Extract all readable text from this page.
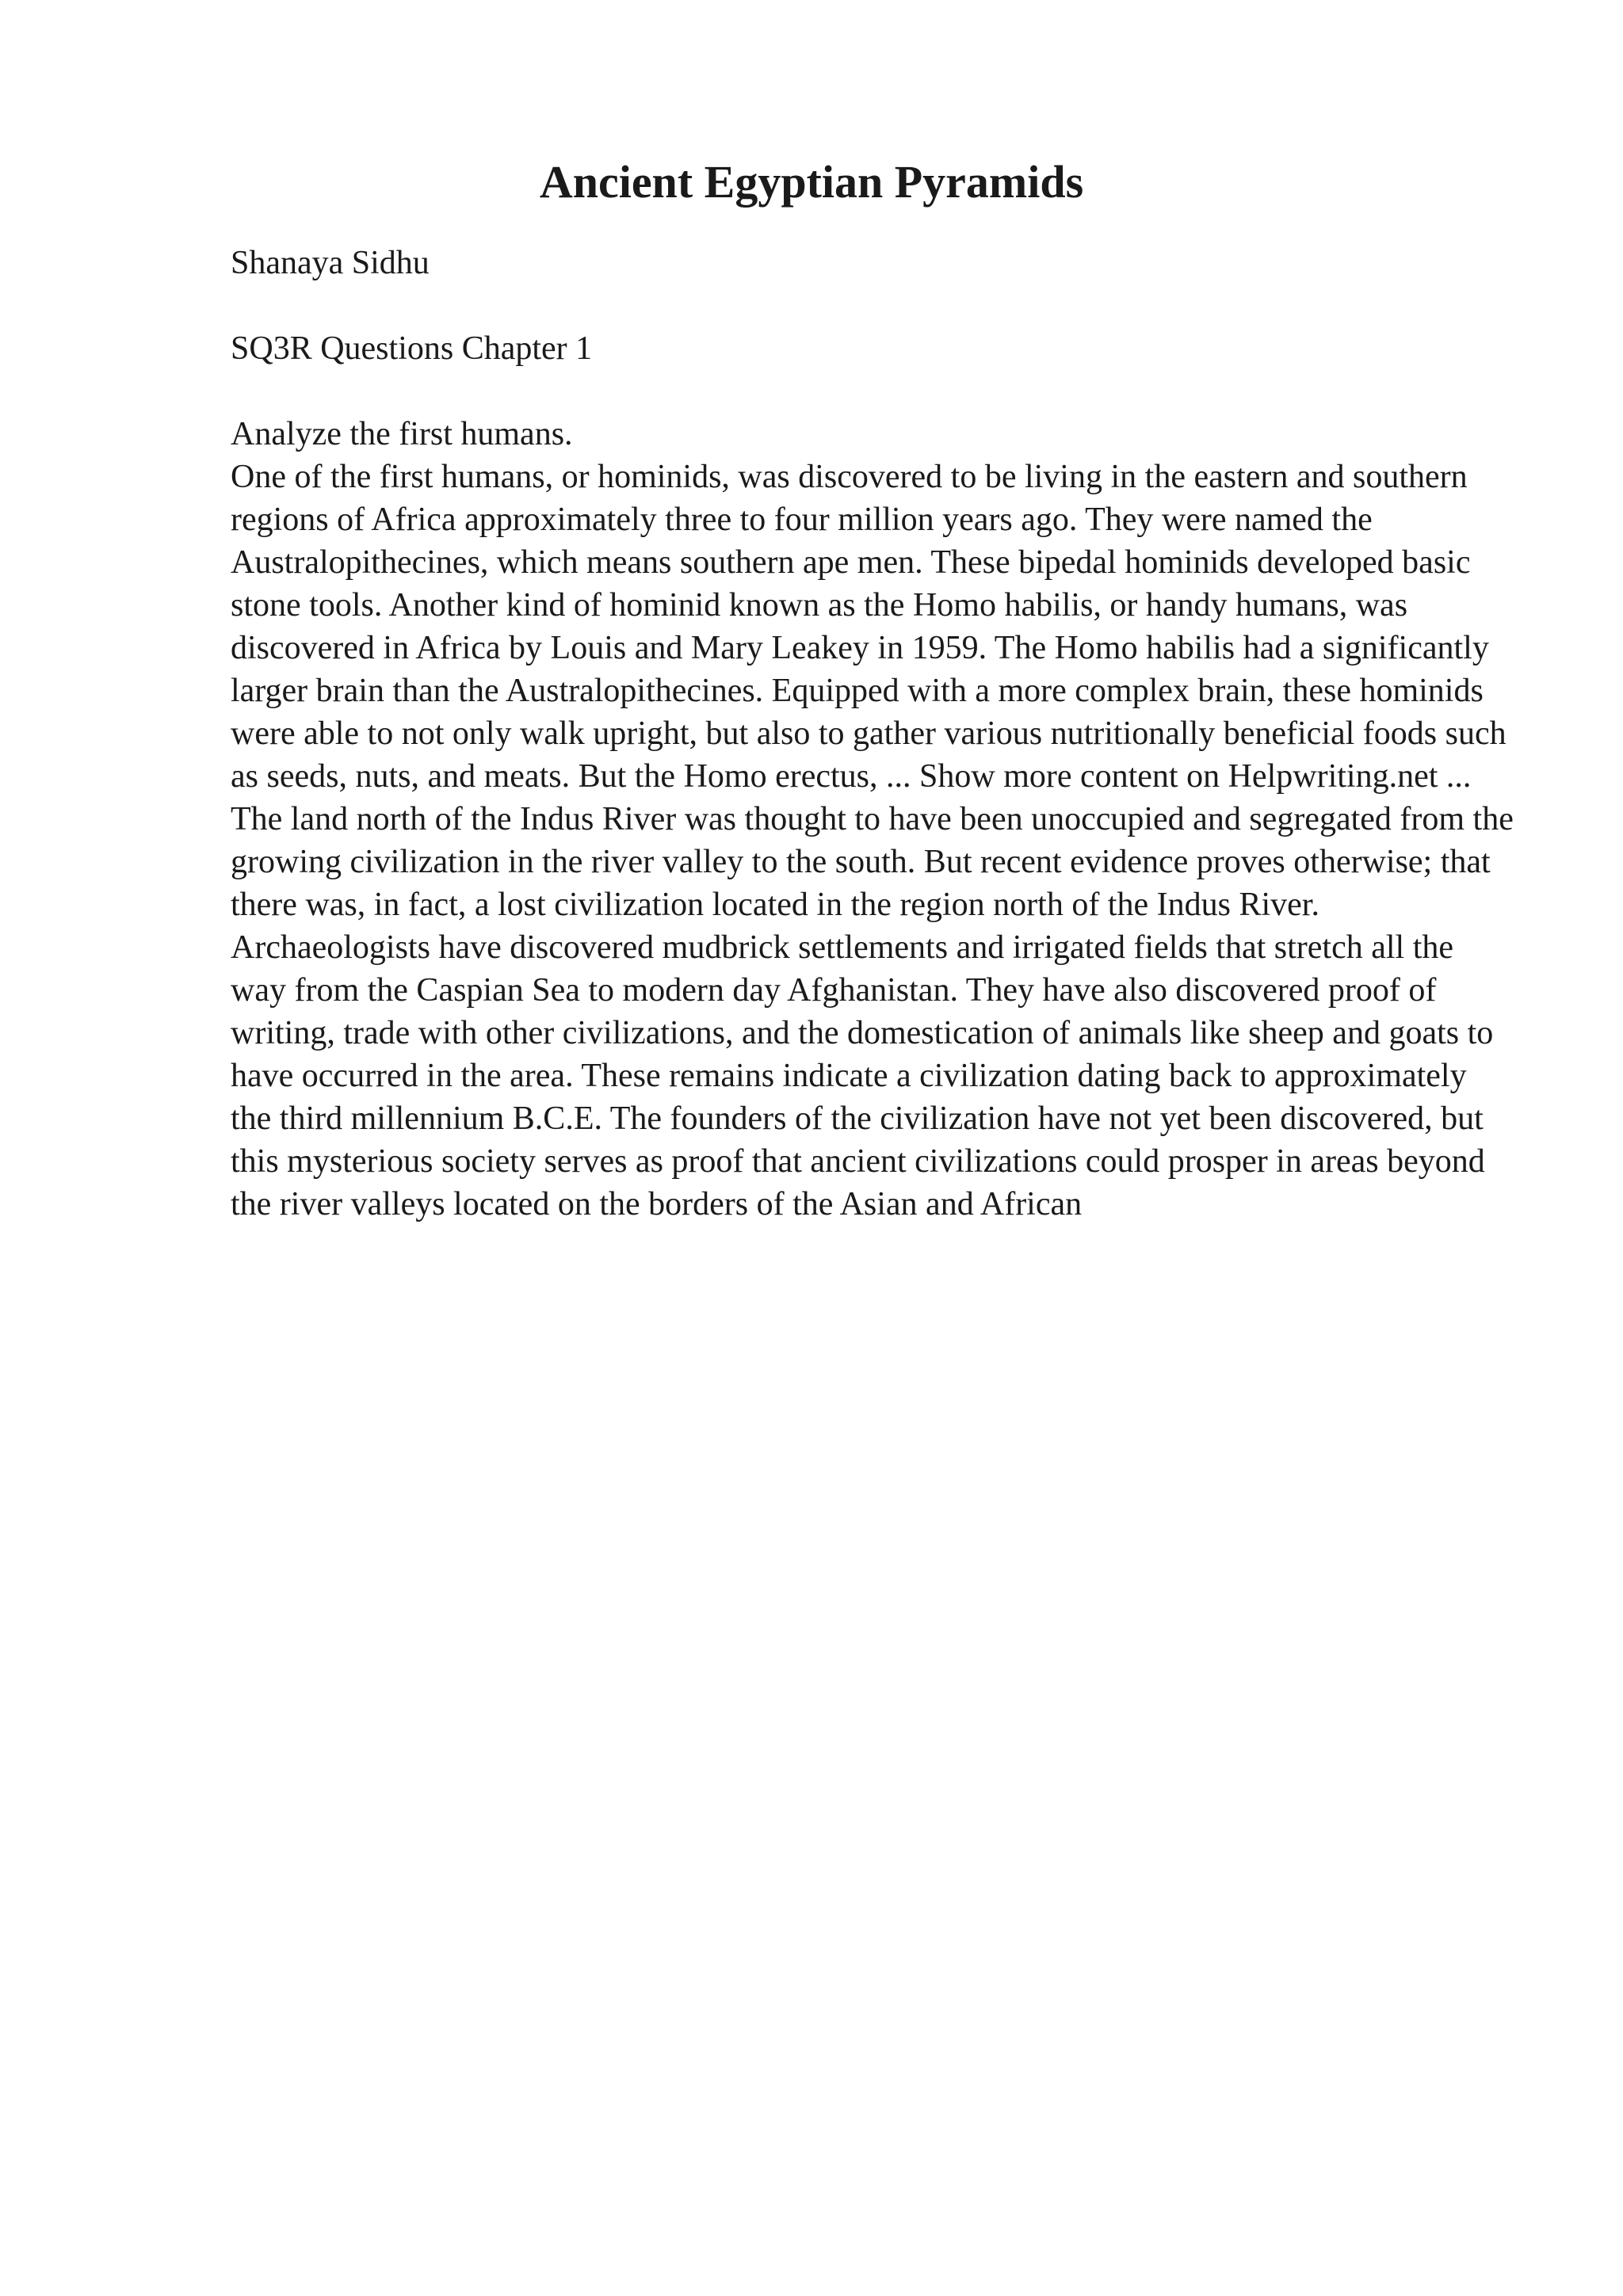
Ancient Egyptian Pyramids

Shanaya Sidhu

SQ3R Questions Chapter 1

Analyze the first humans.

One of the first humans, or hominids, was discovered to be living in the eastern and southern regions of Africa approximately three to four million years ago. They were named the Australopithecines, which means southern ape men. These bipedal hominids developed basic stone tools. Another kind of hominid known as the Homo habilis, or handy humans, was discovered in Africa by Louis and Mary Leakey in 1959. The Homo habilis had a significantly larger brain than the Australopithecines. Equipped with a more complex brain, these hominids were able to not only walk upright, but also to gather various nutritionally beneficial foods such as seeds, nuts, and meats. But the Homo erectus, ... Show more content on Helpwriting.net ...

The land north of the Indus River was thought to have been unoccupied and segregated from the growing civilization in the river valley to the south. But recent evidence proves otherwise; that there was, in fact, a lost civilization located in the region north of the Indus River. Archaeologists have discovered mudbrick settlements and irrigated fields that stretch all the way from the Caspian Sea to modern day Afghanistan. They have also discovered proof of writing, trade with other civilizations, and the domestication of animals like sheep and goats to have occurred in the area. These remains indicate a civilization dating back to approximately the third millennium B.C.E. The founders of the civilization have not yet been discovered, but this mysterious society serves as proof that ancient civilizations could prosper in areas beyond the river valleys located on the borders of the Asian and African
